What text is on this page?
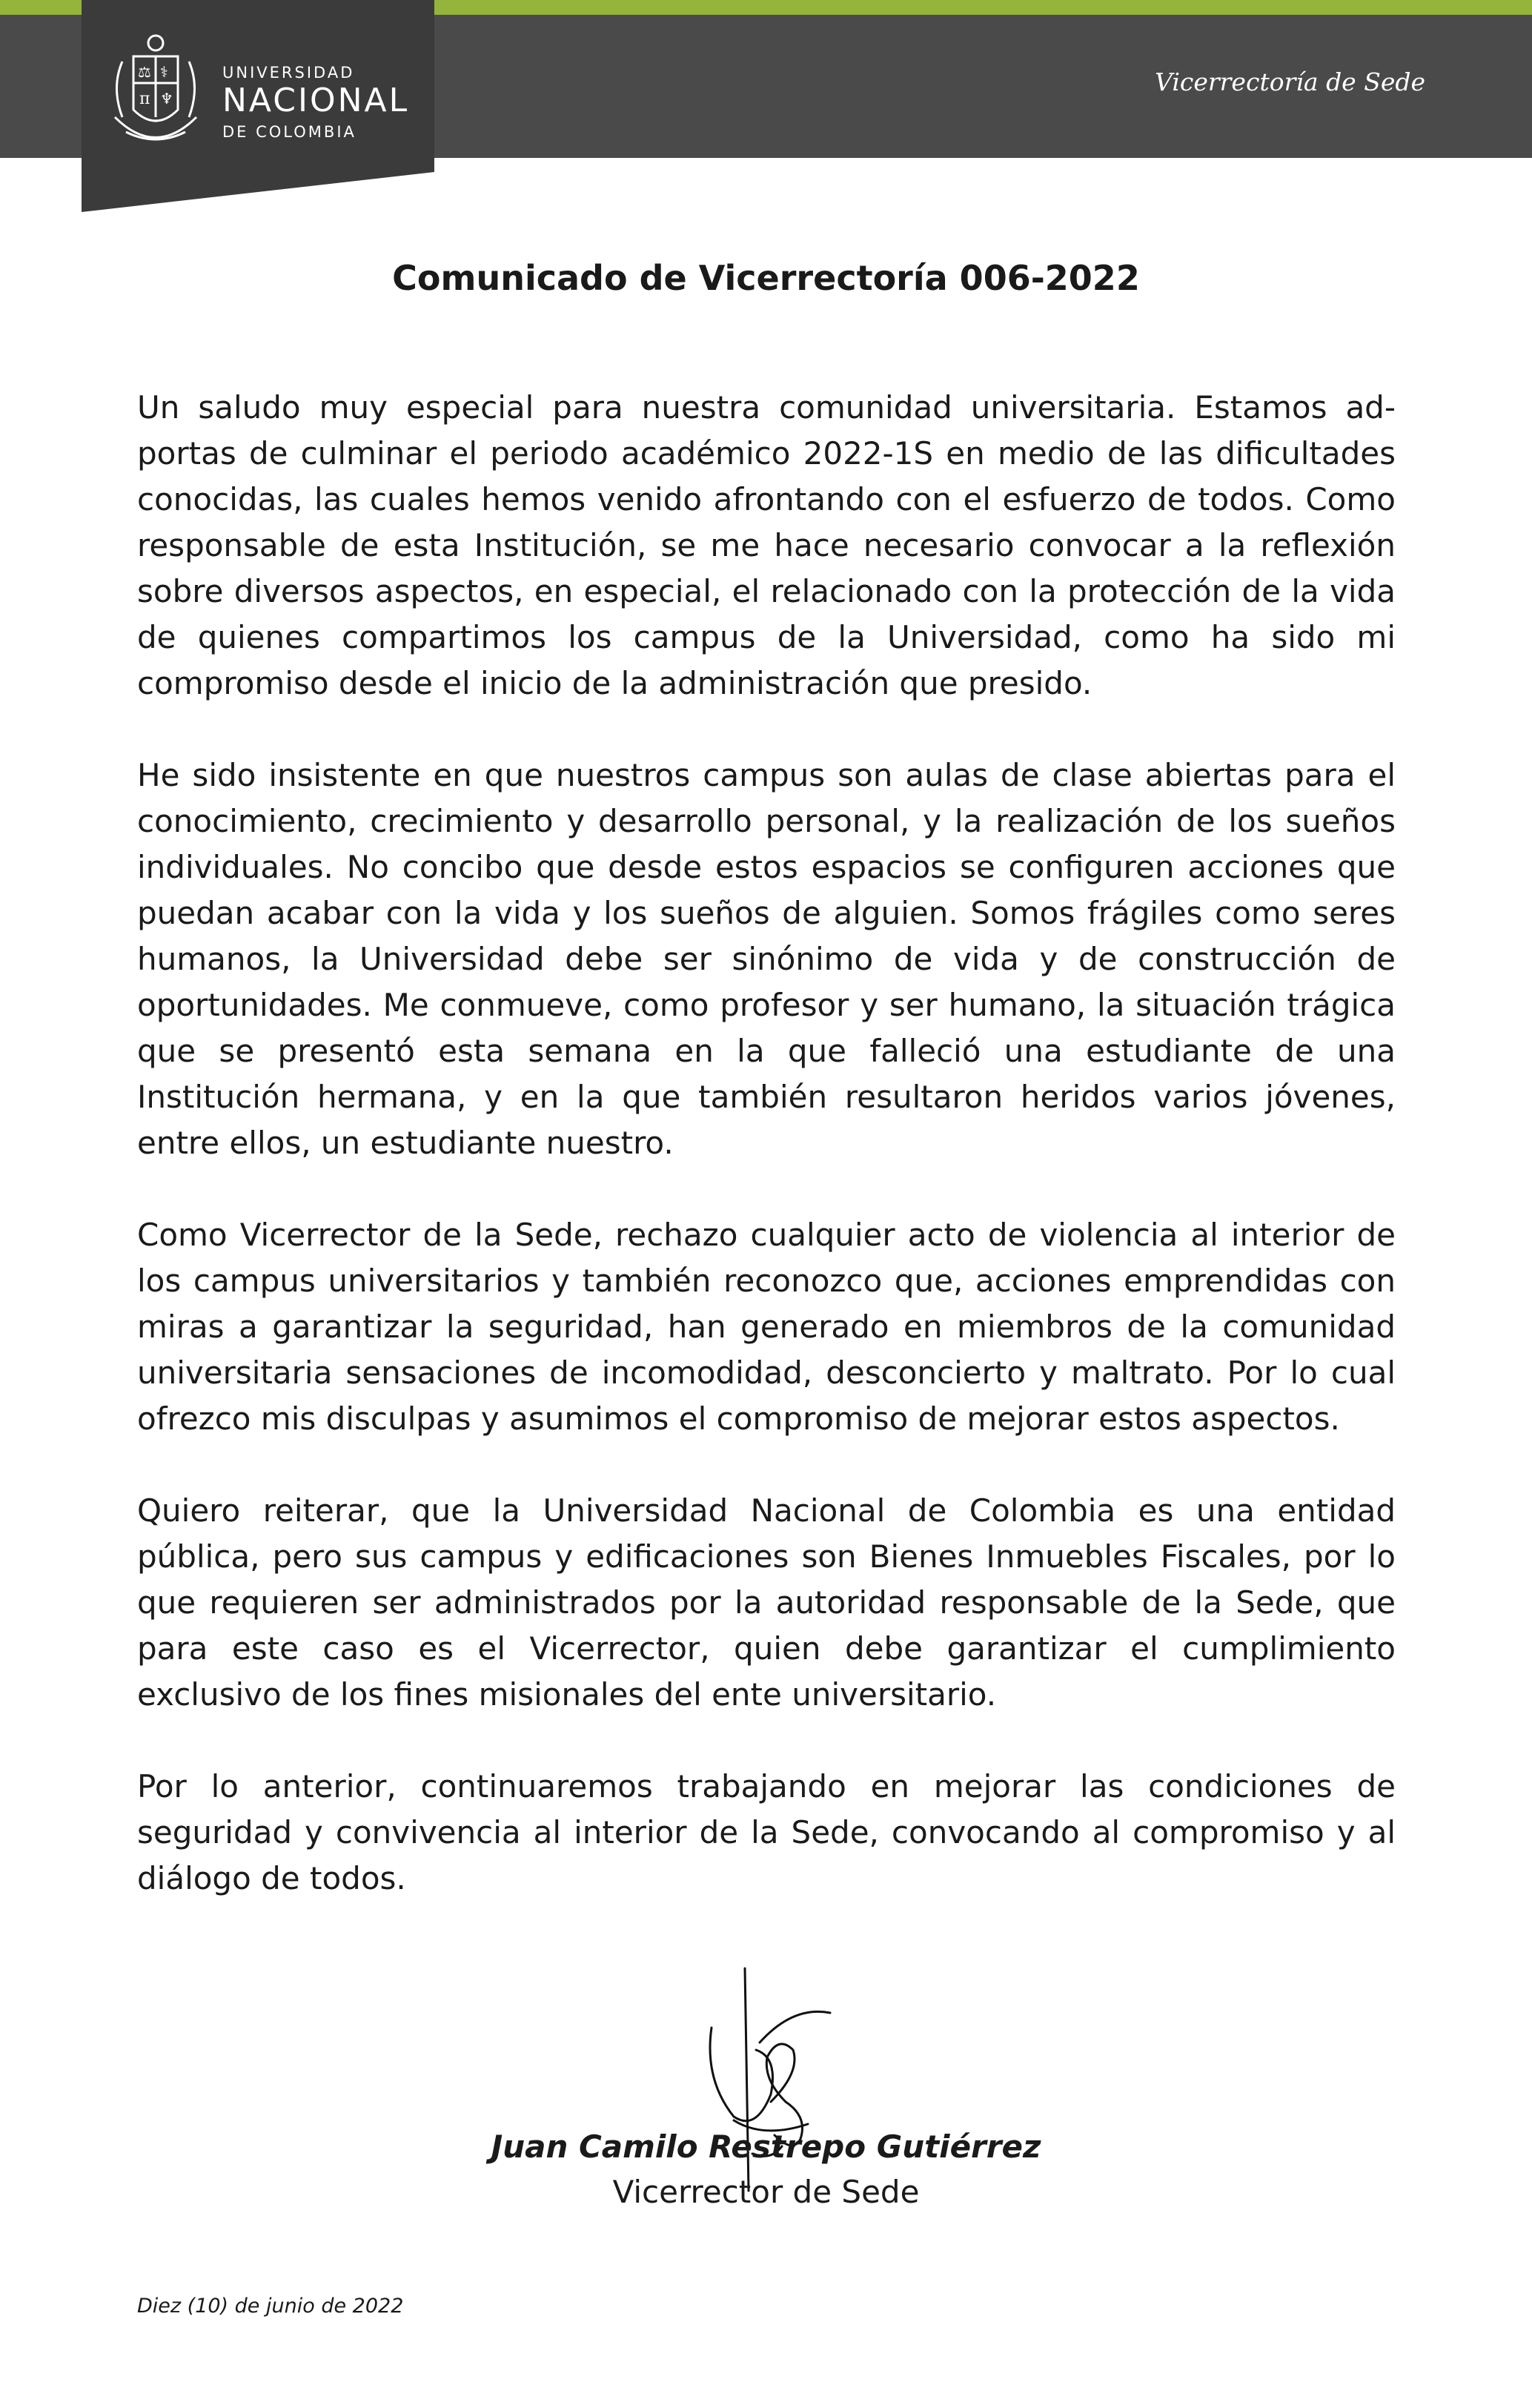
⚖ ⚕
π ♆
UNIVERSIDAD
NACIONAL
DE COLOMBIA
Vicerrectoría de Sede
Comunicado de Vicerrectoría 006-2022

Un saludo muy especial para nuestra comunidad universitaria. Estamos ad-portas de culminar el periodo académico 2022-1S en medio de las dificultades conocidas, las cuales hemos venido afrontando con el esfuerzo de todos. Como responsable de esta Institución, se me hace necesario convocar a la reflexión sobre diversos aspectos, en especial, el relacionado con la protección de la vida de quienes compartimos los campus de la Universidad, como ha sido mi compromiso desde el inicio de la administración que presido.

He sido insistente en que nuestros campus son aulas de clase abiertas para el conocimiento, crecimiento y desarrollo personal, y la realización de los sueños individuales. No concibo que desde estos espacios se configuren acciones que puedan acabar con la vida y los sueños de alguien. Somos frágiles como seres humanos, la Universidad debe ser sinónimo de vida y de construcción de oportunidades. Me conmueve, como profesor y ser humano, la situación trágica que se presentó esta semana en la que falleció una estudiante de una Institución hermana, y en la que también resultaron heridos varios jóvenes, entre ellos, un estudiante nuestro.

Como Vicerrector de la Sede, rechazo cualquier acto de violencia al interior de los campus universitarios y también reconozco que, acciones emprendidas con miras a garantizar la seguridad, han generado en miembros de la comunidad universitaria sensaciones de incomodidad, desconcierto y maltrato. Por lo cual ofrezco mis disculpas y asumimos el compromiso de mejorar estos aspectos.

Quiero reiterar, que la Universidad Nacional de Colombia es una entidad pública, pero sus campus y edificaciones son Bienes Inmuebles Fiscales, por lo que requieren ser administrados por la autoridad responsable de la Sede, que para este caso es el Vicerrector, quien debe garantizar el cumplimiento exclusivo de los fines misionales del ente universitario.

Por lo anterior, continuaremos trabajando en mejorar las condiciones de seguridad y convivencia al interior de la Sede, convocando al compromiso y al diálogo de todos.

Juan Camilo Restrepo Gutiérrez
Vicerrector de Sede
Diez (10) de junio de 2022
